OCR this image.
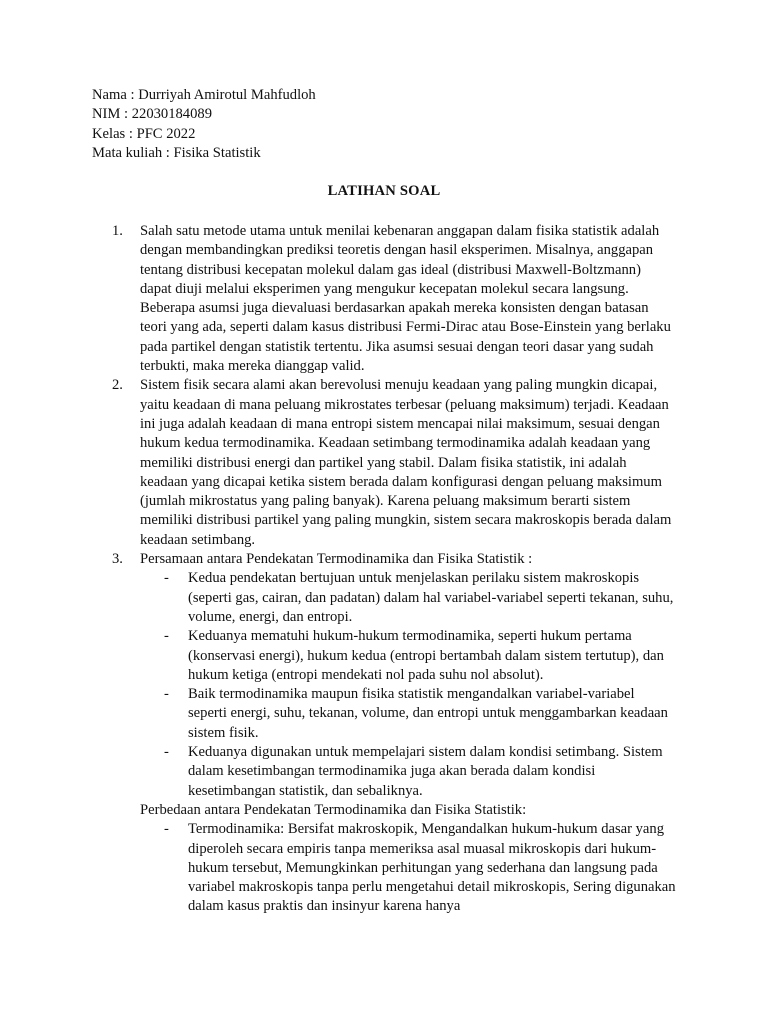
Nama : Durriyah Amirotul Mahfudloh
NIM : 22030184089
Kelas : PFC 2022
Mata kuliah : Fisika Statistik
LATIHAN SOAL
1. Salah satu metode utama untuk menilai kebenaran anggapan dalam fisika statistik adalah dengan membandingkan prediksi teoretis dengan hasil eksperimen. Misalnya, anggapan tentang distribusi kecepatan molekul dalam gas ideal (distribusi Maxwell-Boltzmann) dapat diuji melalui eksperimen yang mengukur kecepatan molekul secara langsung. Beberapa asumsi juga dievaluasi berdasarkan apakah mereka konsisten dengan batasan teori yang ada, seperti dalam kasus distribusi Fermi-Dirac atau Bose-Einstein yang berlaku pada partikel dengan statistik tertentu. Jika asumsi sesuai dengan teori dasar yang sudah terbukti, maka mereka dianggap valid.
2. Sistem fisik secara alami akan berevolusi menuju keadaan yang paling mungkin dicapai, yaitu keadaan di mana peluang mikrostates terbesar (peluang maksimum) terjadi. Keadaan ini juga adalah keadaan di mana entropi sistem mencapai nilai maksimum, sesuai dengan hukum kedua termodinamika. Keadaan setimbang termodinamika adalah keadaan yang memiliki distribusi energi dan partikel yang stabil. Dalam fisika statistik, ini adalah keadaan yang dicapai ketika sistem berada dalam konfigurasi dengan peluang maksimum (jumlah mikrostatus yang paling banyak). Karena peluang maksimum berarti sistem memiliki distribusi partikel yang paling mungkin, sistem secara makroskopis berada dalam keadaan setimbang.
3. Persamaan antara Pendekatan Termodinamika dan Fisika Statistik :
- Kedua pendekatan bertujuan untuk menjelaskan perilaku sistem makroskopis (seperti gas, cairan, dan padatan) dalam hal variabel-variabel seperti tekanan, suhu, volume, energi, dan entropi.
- Keduanya mematuhi hukum-hukum termodinamika, seperti hukum pertama (konservasi energi), hukum kedua (entropi bertambah dalam sistem tertutup), dan hukum ketiga (entropi mendekati nol pada suhu nol absolut).
- Baik termodinamika maupun fisika statistik mengandalkan variabel-variabel seperti energi, suhu, tekanan, volume, dan entropi untuk menggambarkan keadaan sistem fisik.
- Keduanya digunakan untuk mempelajari sistem dalam kondisi setimbang. Sistem dalam kesetimbangan termodinamika juga akan berada dalam kondisi kesetimbangan statistik, dan sebaliknya.
Perbedaan antara Pendekatan Termodinamika dan Fisika Statistik:
- Termodinamika: Bersifat makroskopik, Mengandalkan hukum-hukum dasar yang diperoleh secara empiris tanpa memeriksa asal muasal mikroskopis dari hukum-hukum tersebut, Memungkinkan perhitungan yang sederhana dan langsung pada variabel makroskopis tanpa perlu mengetahui detail mikroskopis, Sering digunakan dalam kasus praktis dan insinyur karena hanya
